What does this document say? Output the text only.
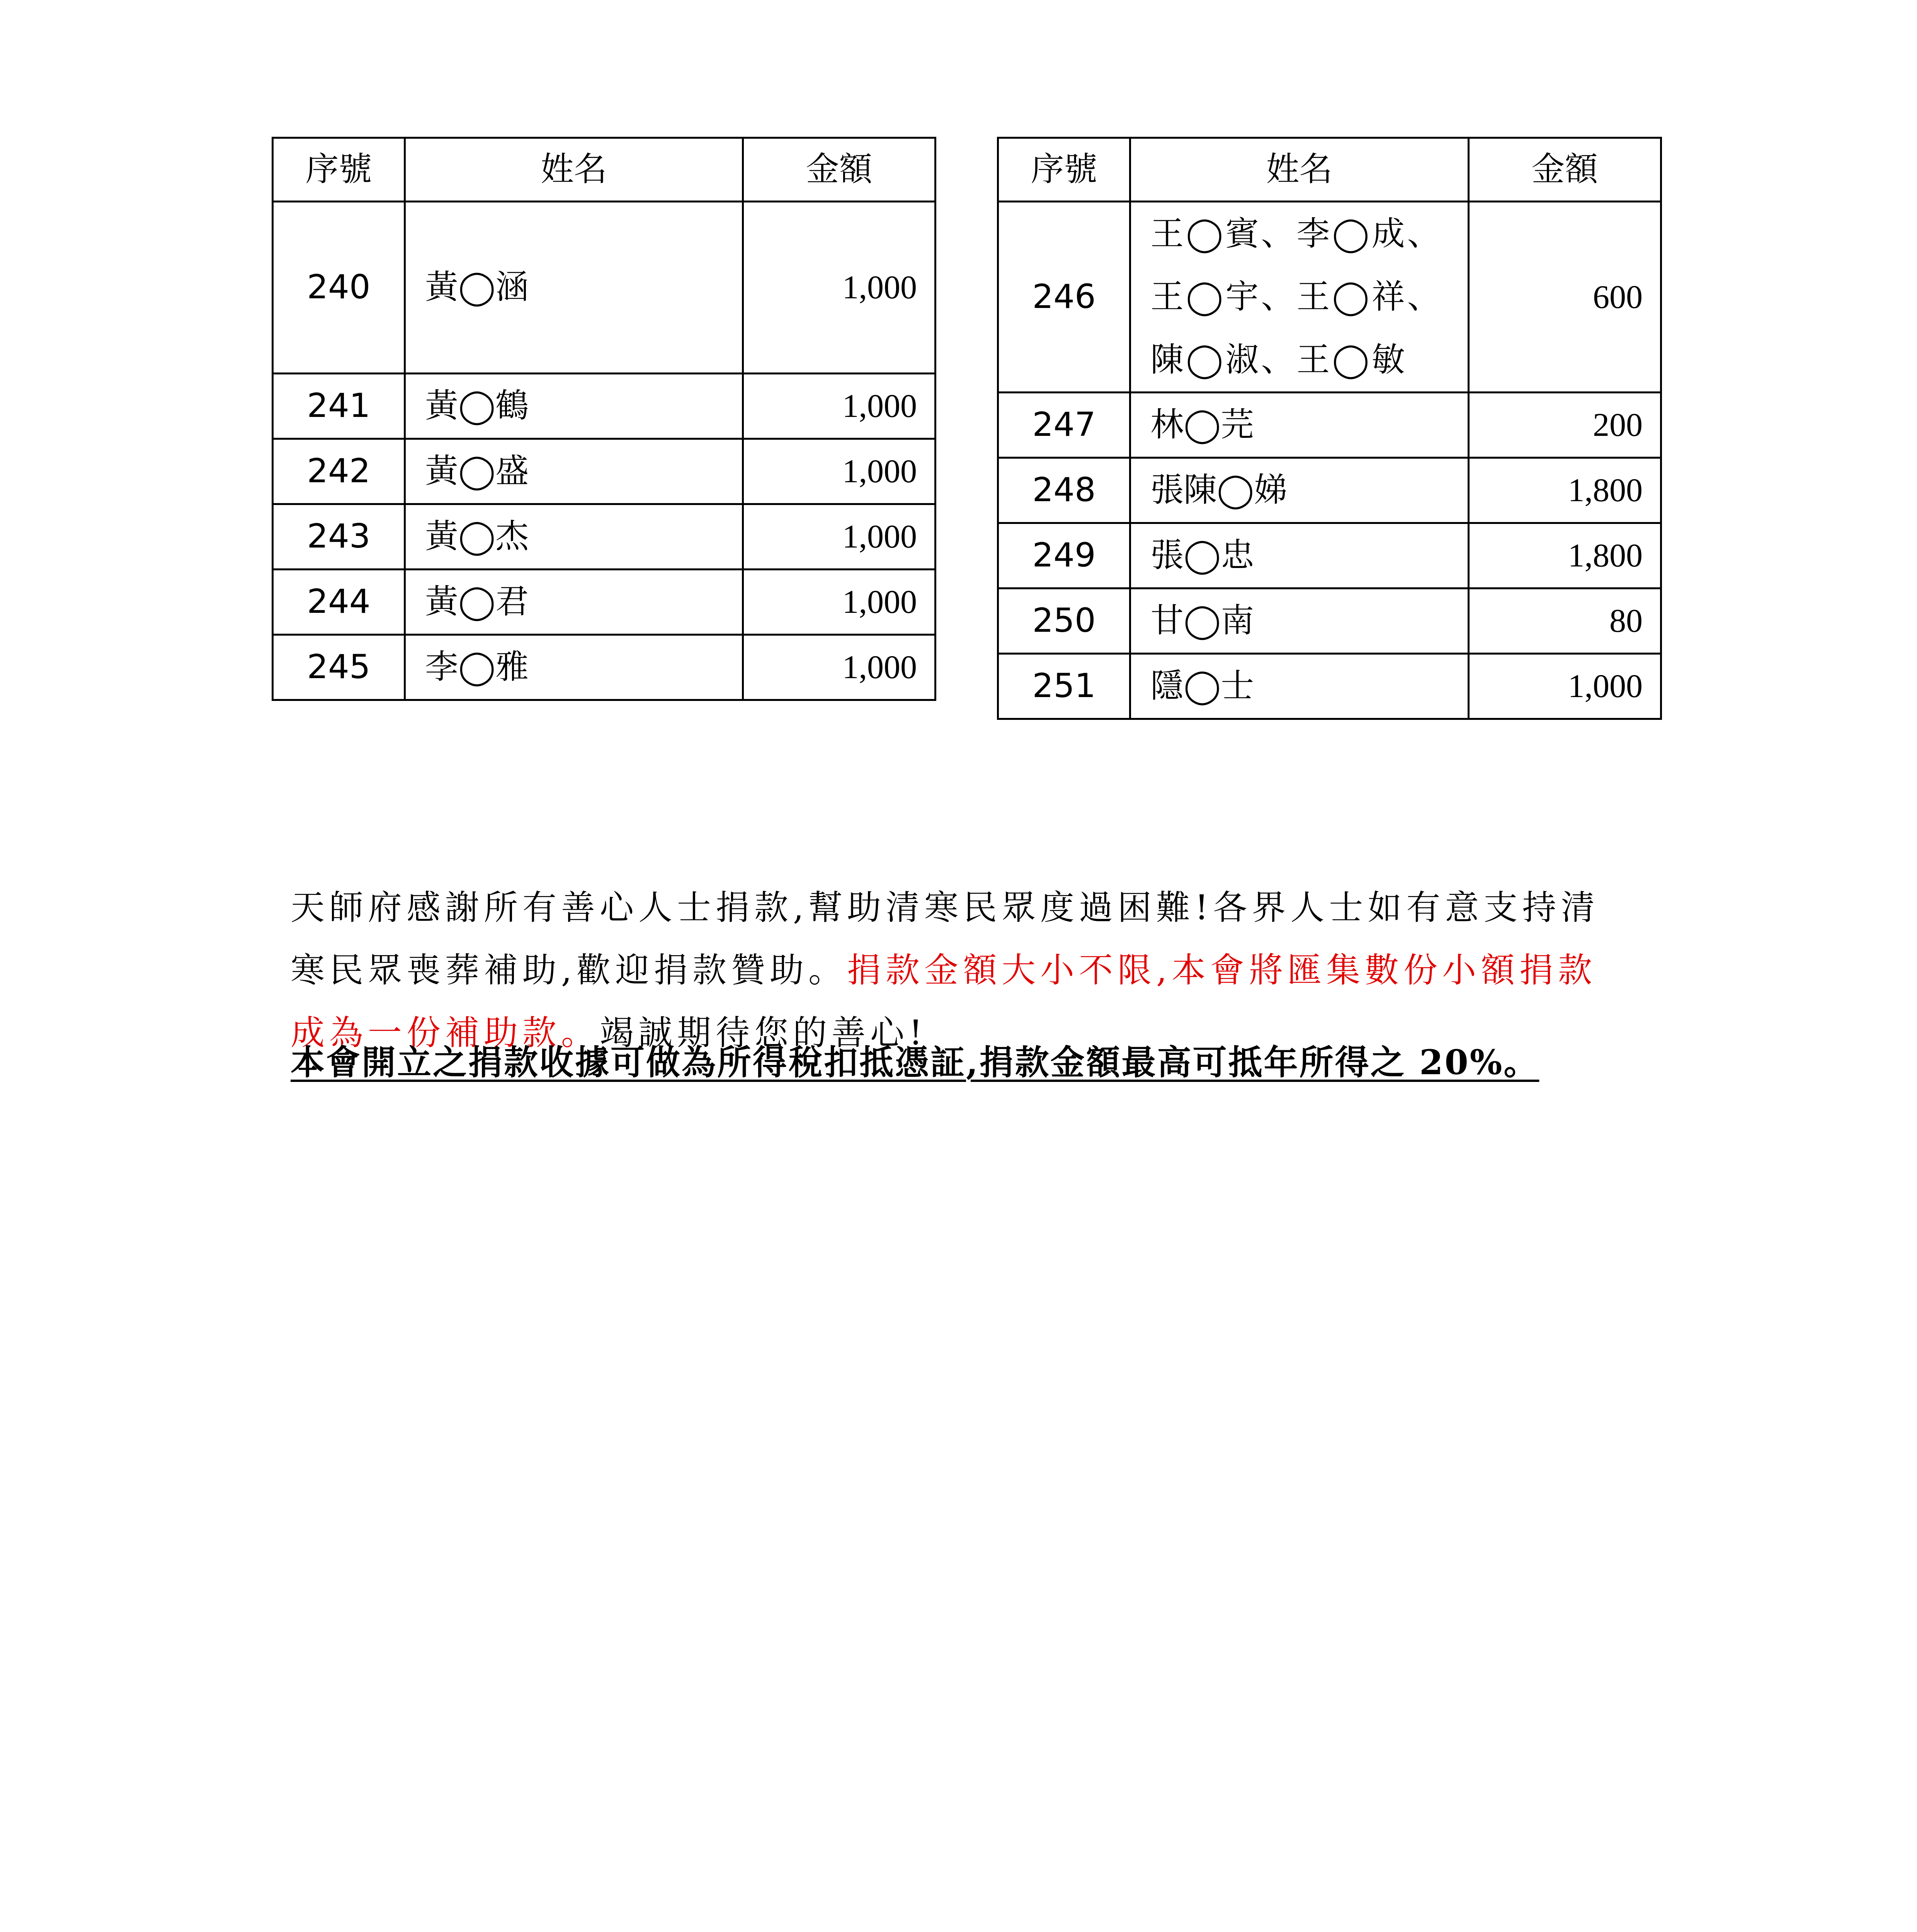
序號	姓名	金額
240	黃◯涵	1,000
241	黃◯鶴	1,000
242	黃◯盛	1,000
243	黃◯杰	1,000
244	黃◯君	1,000
245	李◯雅	1,000
序號	姓名	金額
246	王◯賓、李◯成、
王◯宇、王◯祥、
陳◯淑、王◯敏	600
247	林◯芫	200
248	張陳◯娣	1,800
249	張◯忠	1,800
250	甘◯南	80
251	隱◯士	1,000

天師府感謝所有善心人士捐款,幫助清寒民眾度過困難!各界人士如有意支持清寒民眾喪葬補助,歡迎捐款贊助。捐款金額大小不限,本會將匯集數份小額捐款成為一份補助款。竭誠期待您的善心!

本會開立之捐款收據可做為所得稅扣抵憑証,捐款金額最高可抵年所得之 20%。
